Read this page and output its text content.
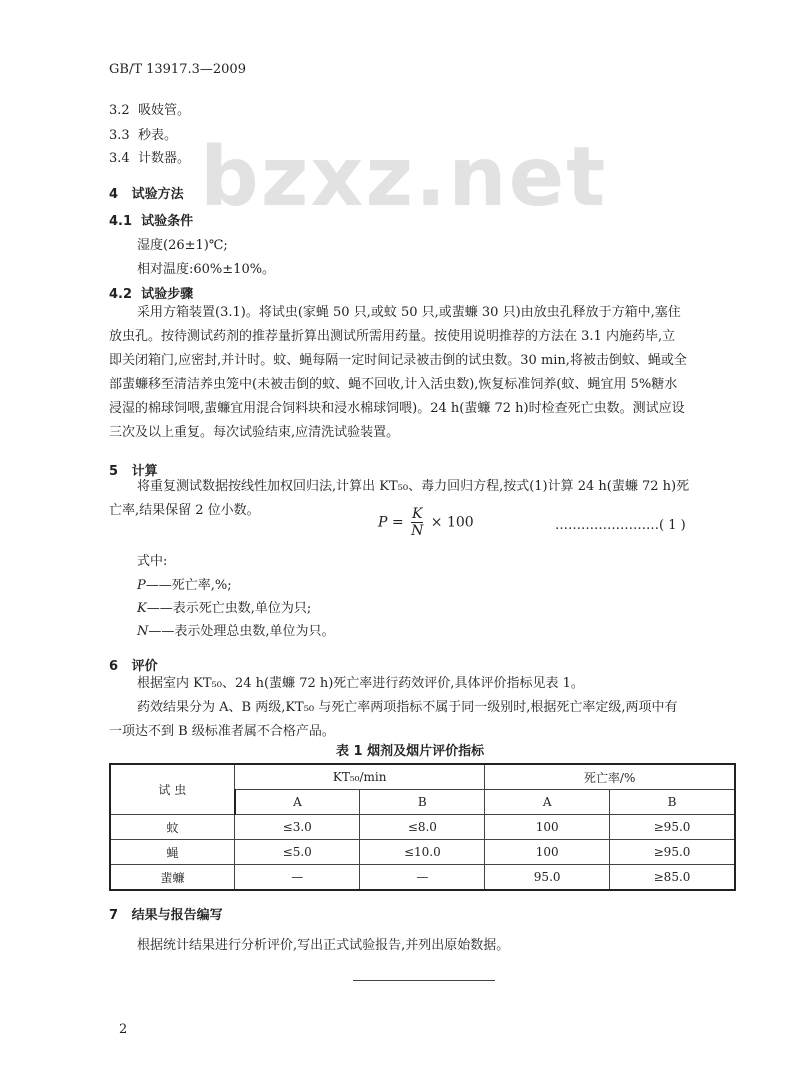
bzxz.net
GB/T 13917.3—2009
3.2 吸妓管。
3.3 秒表。
3.4 计数器。
4 试验方法
4.1 试验条件
湿度(26±1)℃;
相对温度:60%±10%。
4.2 试验步骤
采用方箱装置(3.1)。将试虫(家蝇 50 只,或蚊 50 只,或蜚蠊 30 只)由放虫孔释放于方箱中,塞住
放虫孔。按待测试药剂的推荐量折算出测试所需用药量。按使用说明推荐的方法在 3.1 内施药毕,立
即关闭箱门,应密封,并计时。蚊、蝇每隔一定时间记录被击倒的试虫数。30 min,将被击倒蚊、蝇或全
部蜚蠊移至清洁养虫笼中(未被击倒的蚊、蝇不回收,计入活虫数),恢复标准饲养(蚊、蝇宜用 5%糖水
浸湿的棉球饲喂,蜚蠊宜用混合饲料块和浸水棉球饲喂)。24 h(蜚蠊 72 h)时检查死亡虫数。测试应设
三次及以上重复。每次试验结束,应清洗试验装置。
5 计算
将重复测试数据按线性加权回归法,计算出 KT₅₀、毒力回归方程,按式(1)计算 24 h(蜚蠊 72 h)死
亡率,结果保留 2 位小数。
$P = \frac{K}{N} \times 100$	……………………( 1 )
式中:
P——死亡率,%;
K——表示死亡虫数,单位为只;
N——表示处理总虫数,单位为只。
6 评价
根据室内 KT₅₀、24 h(蜚蠊 72 h)死亡率进行药效评价,具体评价指标见表 1。
药效结果分为 A、B 两级,KT₅₀ 与死亡率两项指标不属于同一级别时,根据死亡率定级,两项中有
一项达不到 B 级标准者属不合格产品。
表 1 烟剂及烟片评价指标
试 虫	KT₅₀/min		死亡率/%	
	A	B	A	B
蚊	≤3.0	≤8.0	100	≥95.0
蝇	≤5.0	≤10.0	100	≥95.0
蜚蠊	—	—	95.0	≥85.0
7 结果与报告编写
根据统计结果进行分析评价,写出正式试验报告,并列出原始数据。
2
